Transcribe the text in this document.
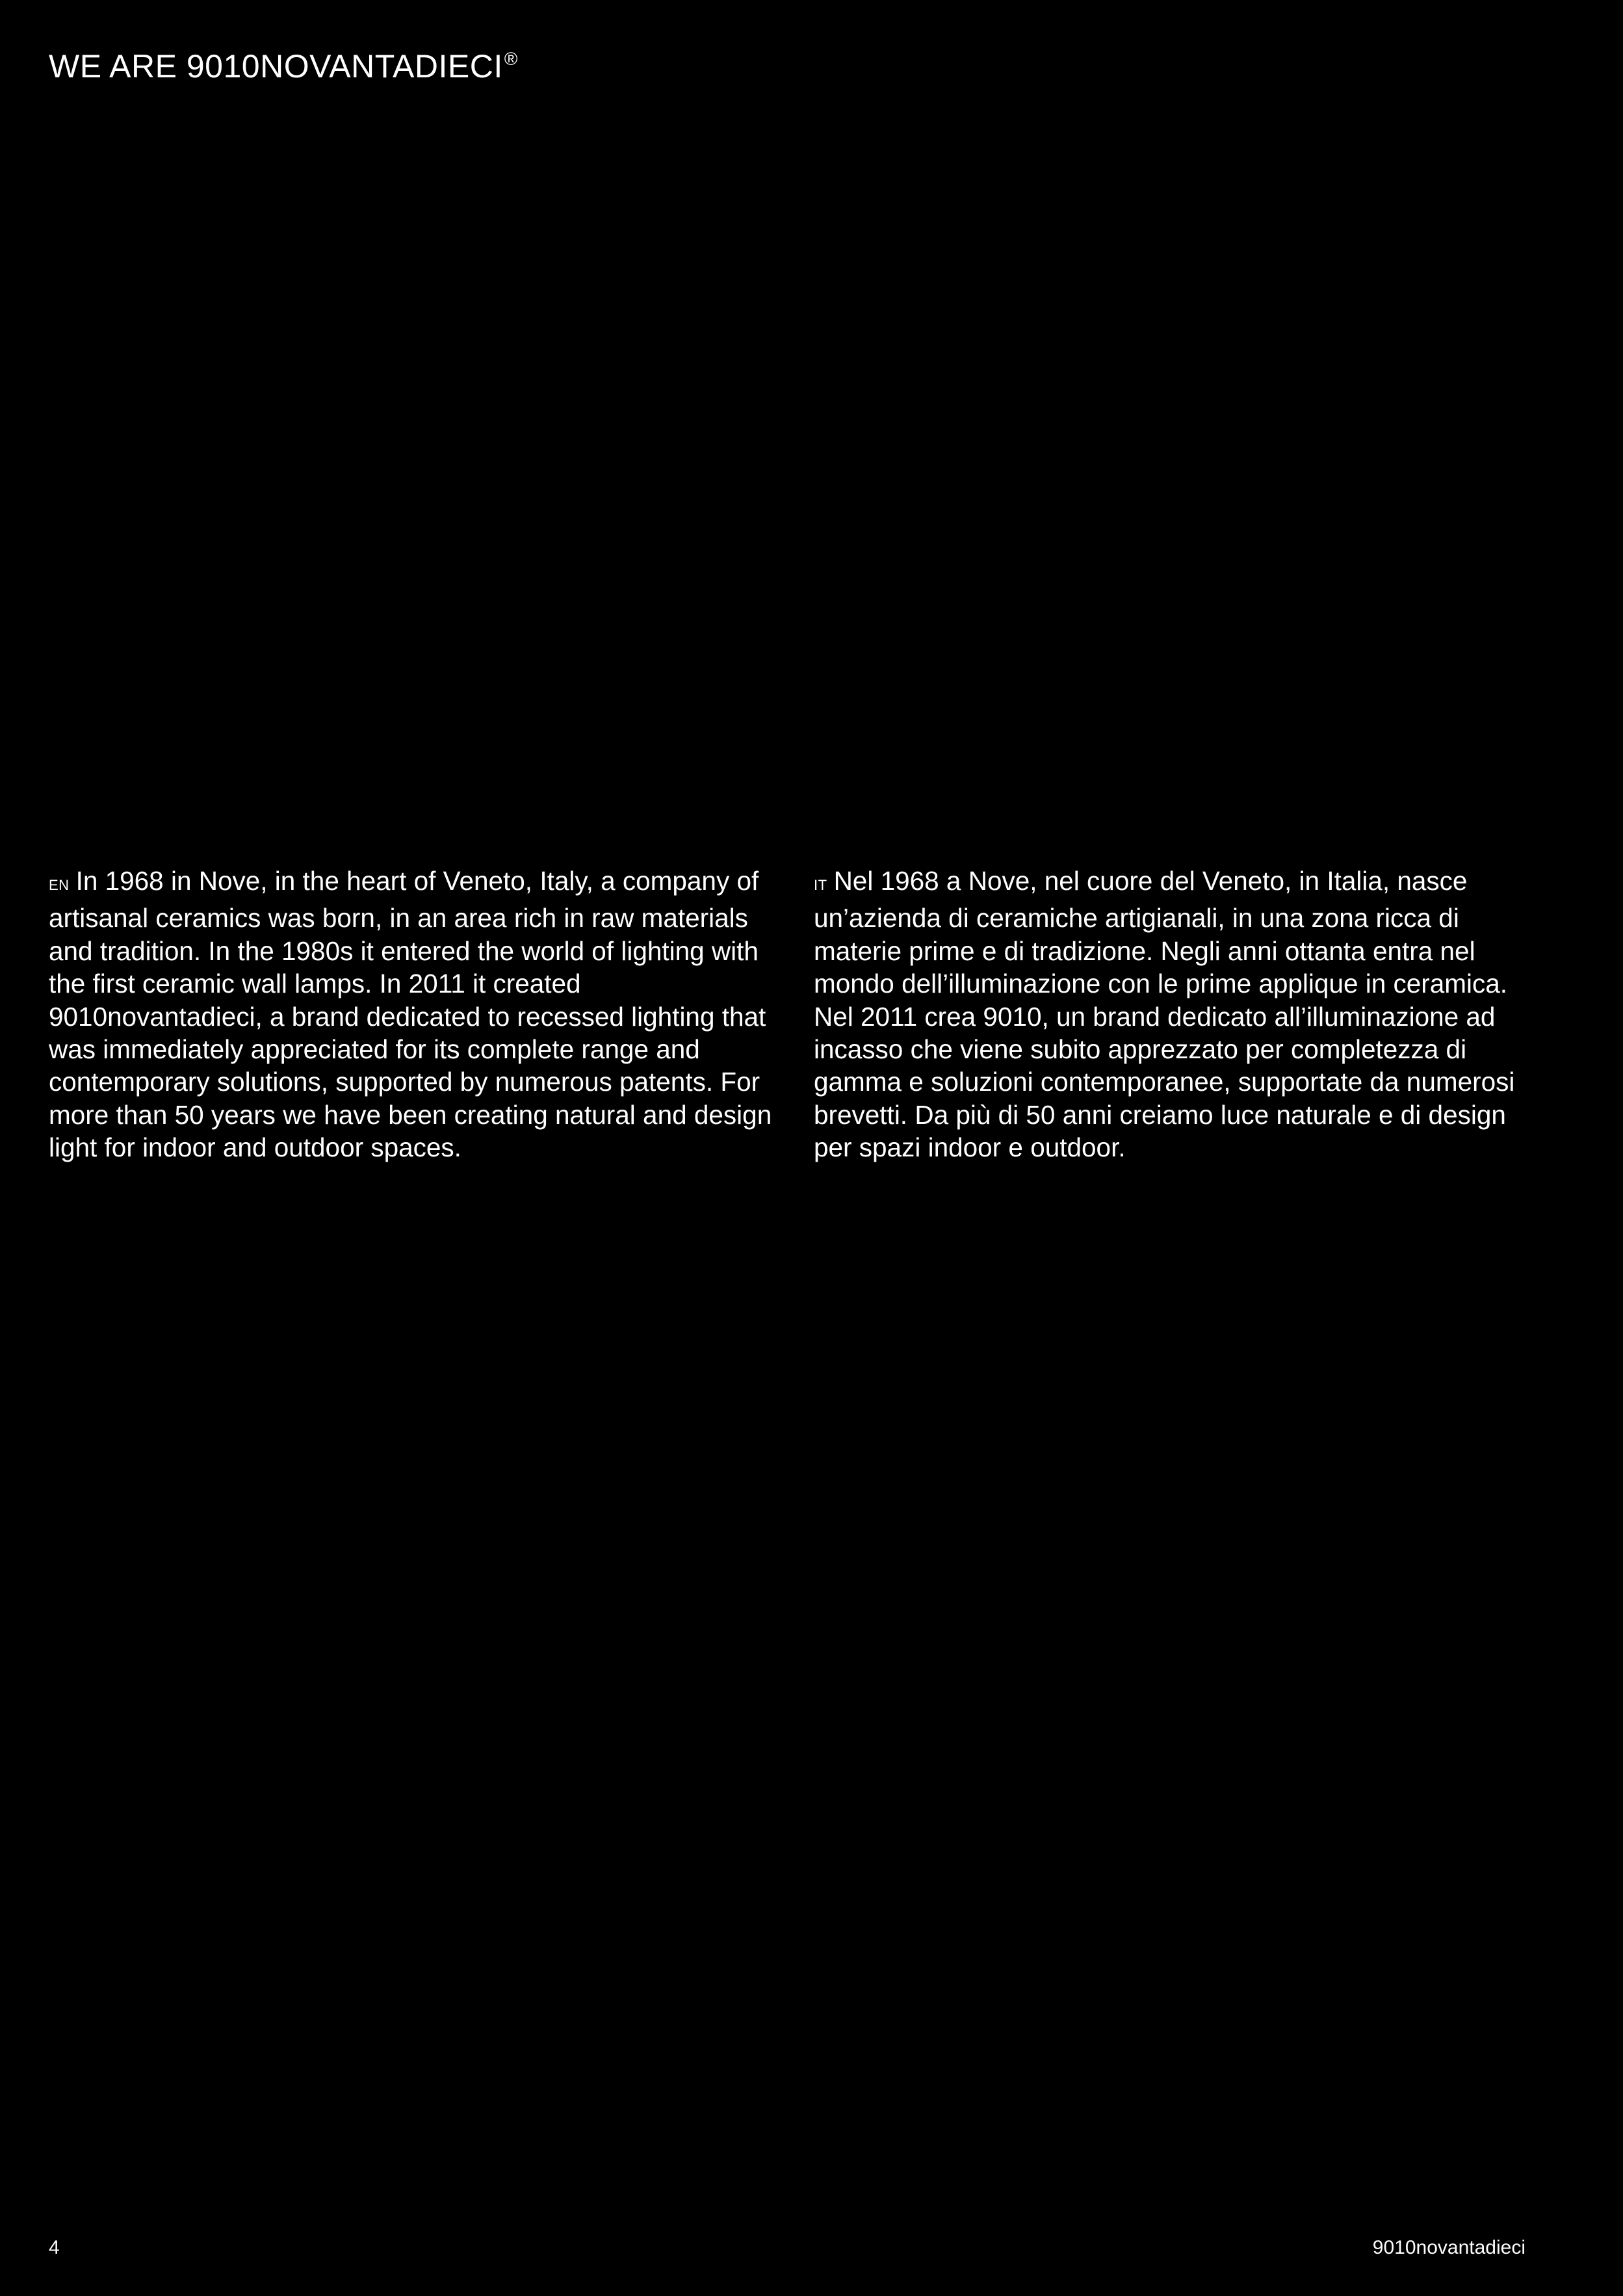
WE ARE 9010NOVANTADIECI®

EN In 1968 in Nove, in the heart of Veneto, Italy, a company of artisanal ceramics was born, in an area rich in raw materials and tradition. In the 1980s it entered the world of lighting with the first ceramic wall lamps. In 2011 it created 9010novantadieci, a brand dedicated to recessed lighting that was immediately appreciated for its complete range and contemporary solutions, supported by numerous patents. For more than 50 years we have been creating natural and design light for indoor and outdoor spaces.

IT Nel 1968 a Nove, nel cuore del Veneto, in Italia, nasce un’azienda di ceramiche artigianali, in una zona ricca di materie prime e di tradizione. Negli anni ottanta entra nel mondo dell’illuminazione con le prime applique in ceramica. Nel 2011 crea 9010, un brand dedicato all’illuminazione ad incasso che viene subito apprezzato per completezza di gamma e soluzioni contemporanee, supportate da numerosi brevetti. Da più di 50 anni creiamo luce naturale e di design per spazi indoor e outdoor.

4	9010novantadieci
